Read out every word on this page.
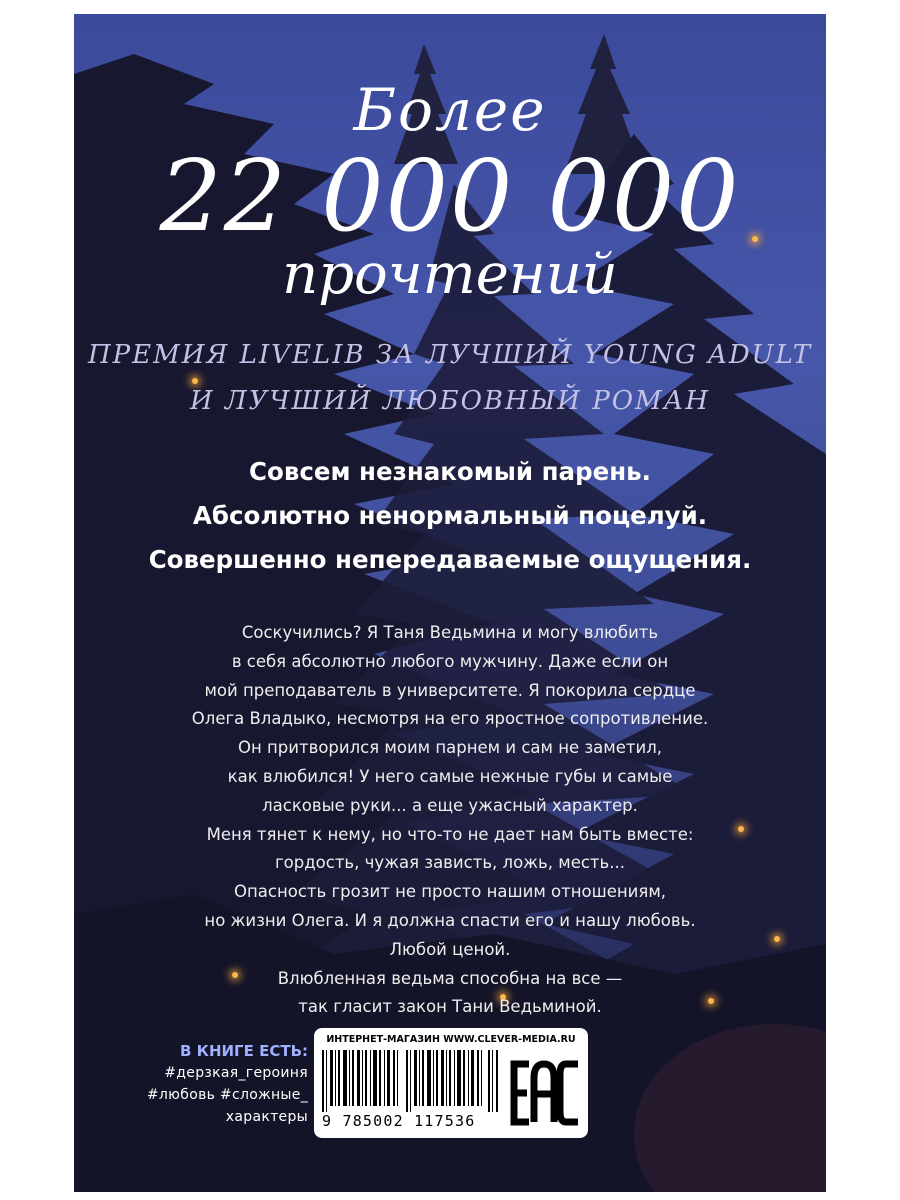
Более
22 000 000
прочтений
ПРЕМИЯ LIVELIB ЗА ЛУЧШИЙ YOUNG ADULT
И ЛУЧШИЙ ЛЮБОВНЫЙ РОМАН
Совсем незнакомый парень.
Абсолютно ненормальный поцелуй.
Совершенно непередаваемые ощущения.
Соскучились? Я Таня Ведьмина и могу влюбить
в себя абсолютно любого мужчину. Даже если он
мой преподаватель в университете. Я покорила сердце
Олега Владыко, несмотря на его яростное сопротивление.
Он притворился моим парнем и сам не заметил,
как влюбился! У него самые нежные губы и самые
ласковые руки... а еще ужасный характер.
Меня тянет к нему, но что-то не дает нам быть вместе:
гордость, чужая зависть, ложь, месть...
Опасность грозит не просто нашим отношениям,
но жизни Олега. И я должна спасти его и нашу любовь.
Любой ценой.
Влюбленная ведьма способна на все —
так гласит закон Тани Ведьминой.
В КНИГЕ ЕСТЬ:
#дерзкая_героиня
#любовь #сложные_
характеры
ИНТЕРНЕТ-МАГАЗИН WWW.CLEVER-MEDIA.RU
9 785002 117536
